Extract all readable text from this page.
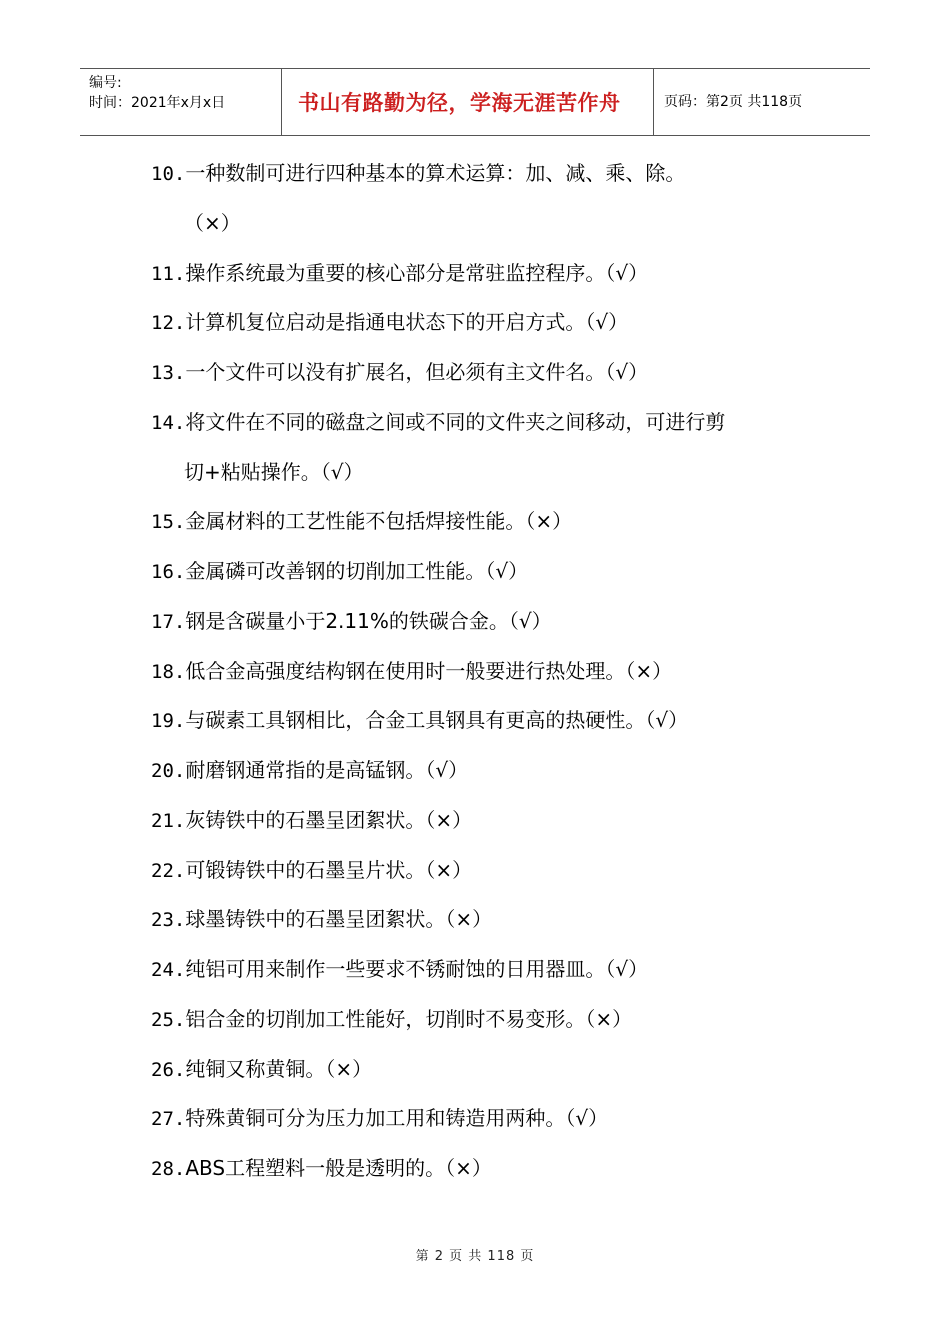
编号:
时间：2021年x月x日	书山有路勤为径，学海无涯苦作舟	页码：第2页 共118页
10.一种数制可进行四种基本的算术运算：加、减、乘、除。
（×）
11.操作系统最为重要的核心部分是常驻监控程序。（√）
12.计算机复位启动是指通电状态下的开启方式。（√）
13.一个文件可以没有扩展名，但必须有主文件名。（√）
14.将文件在不同的磁盘之间或不同的文件夹之间移动，可进行剪
切+粘贴操作。（√）
15.金属材料的工艺性能不包括焊接性能。（×）
16.金属磷可改善钢的切削加工性能。（√）
17.钢是含碳量小于2.11%的铁碳合金。（√）
18.低合金高强度结构钢在使用时一般要进行热处理。（×）
19.与碳素工具钢相比，合金工具钢具有更高的热硬性。（√）
20.耐磨钢通常指的是高锰钢。（√）
21.灰铸铁中的石墨呈团絮状。（×）
22.可锻铸铁中的石墨呈片状。（×）
23.球墨铸铁中的石墨呈团絮状。（×）
24.纯铝可用来制作一些要求不锈耐蚀的日用器皿。（√）
25.铝合金的切削加工性能好，切削时不易变形。（×）
26.纯铜又称黄铜。（×）
27.特殊黄铜可分为压力加工用和铸造用两种。（√）
28.ABS工程塑料一般是透明的。（×）
第 2 页 共 118 页
